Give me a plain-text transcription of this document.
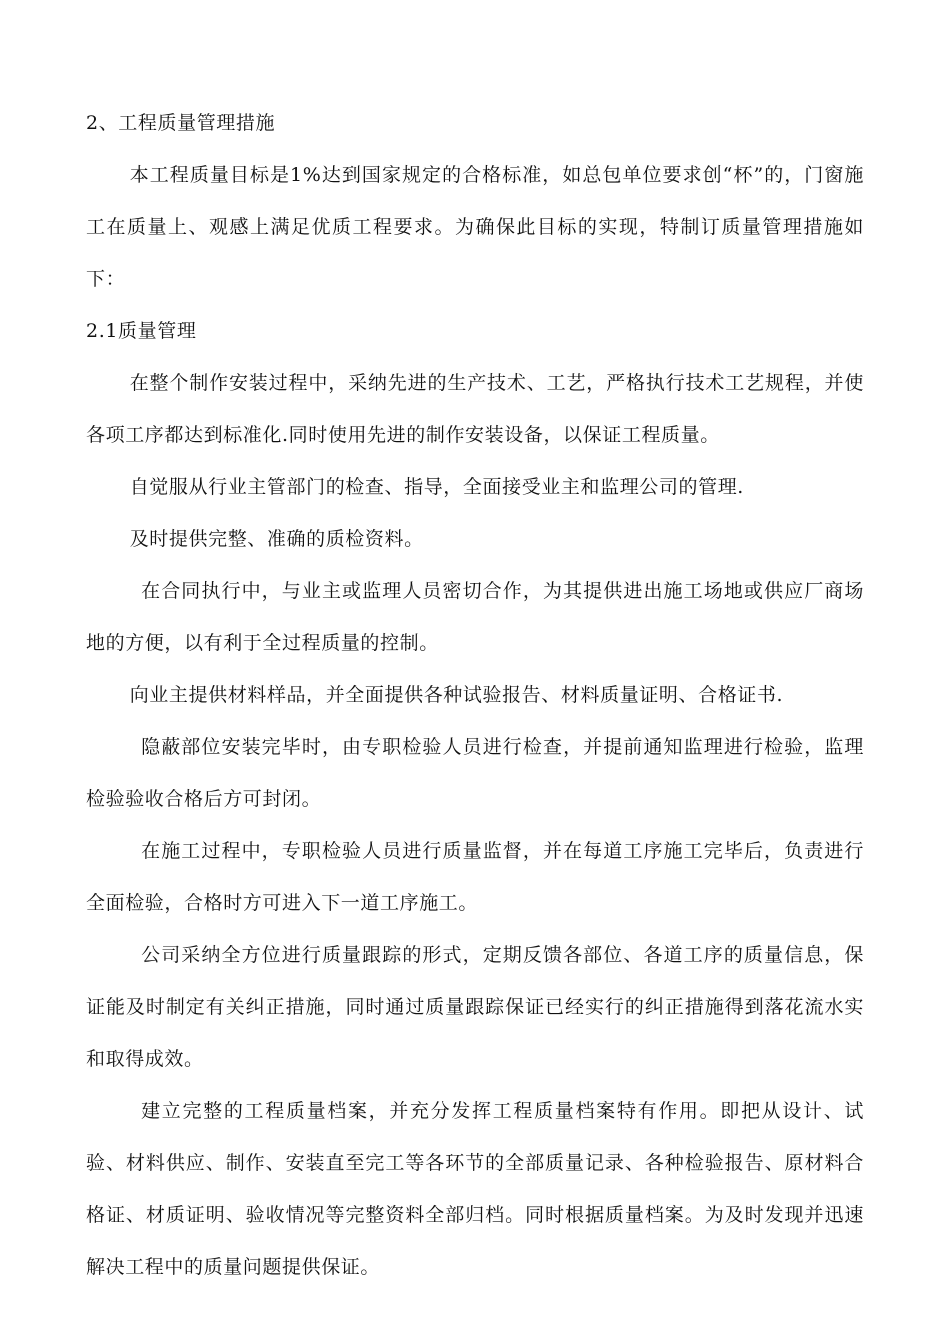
2、工程质量管理措施

本工程质量目标是1%达到国家规定的合格标准，如总包单位要求创“杯”的，门窗施工在质量上、观感上满足优质工程要求。为确保此目标的实现，特制订质量管理措施如下：

2.1质量管理

在整个制作安装过程中，采纳先进的生产技术、工艺，严格执行技术工艺规程，并使各项工序都达到标准化.同时使用先进的制作安装设备，以保证工程质量。

自觉服从行业主管部门的检查、指导，全面接受业主和监理公司的管理.

及时提供完整、准确的质检资料。

在合同执行中，与业主或监理人员密切合作，为其提供进出施工场地或供应厂商场地的方便，以有利于全过程质量的控制。

向业主提供材料样品，并全面提供各种试验报告、材料质量证明、合格证书.

隐蔽部位安装完毕时，由专职检验人员进行检查，并提前通知监理进行检验，监理检验验收合格后方可封闭。

在施工过程中，专职检验人员进行质量监督，并在每道工序施工完毕后，负责进行全面检验，合格时方可进入下一道工序施工。

公司采纳全方位进行质量跟踪的形式，定期反馈各部位、各道工序的质量信息，保证能及时制定有关纠正措施，同时通过质量跟踪保证已经实行的纠正措施得到落花流水实和取得成效。

建立完整的工程质量档案，并充分发挥工程质量档案特有作用。即把从设计、试验、材料供应、制作、安装直至完工等各环节的全部质量记录、各种检验报告、原材料合格证、材质证明、验收情况等完整资料全部归档。同时根据质量档案。为及时发现并迅速解决工程中的质量问题提供保证。
